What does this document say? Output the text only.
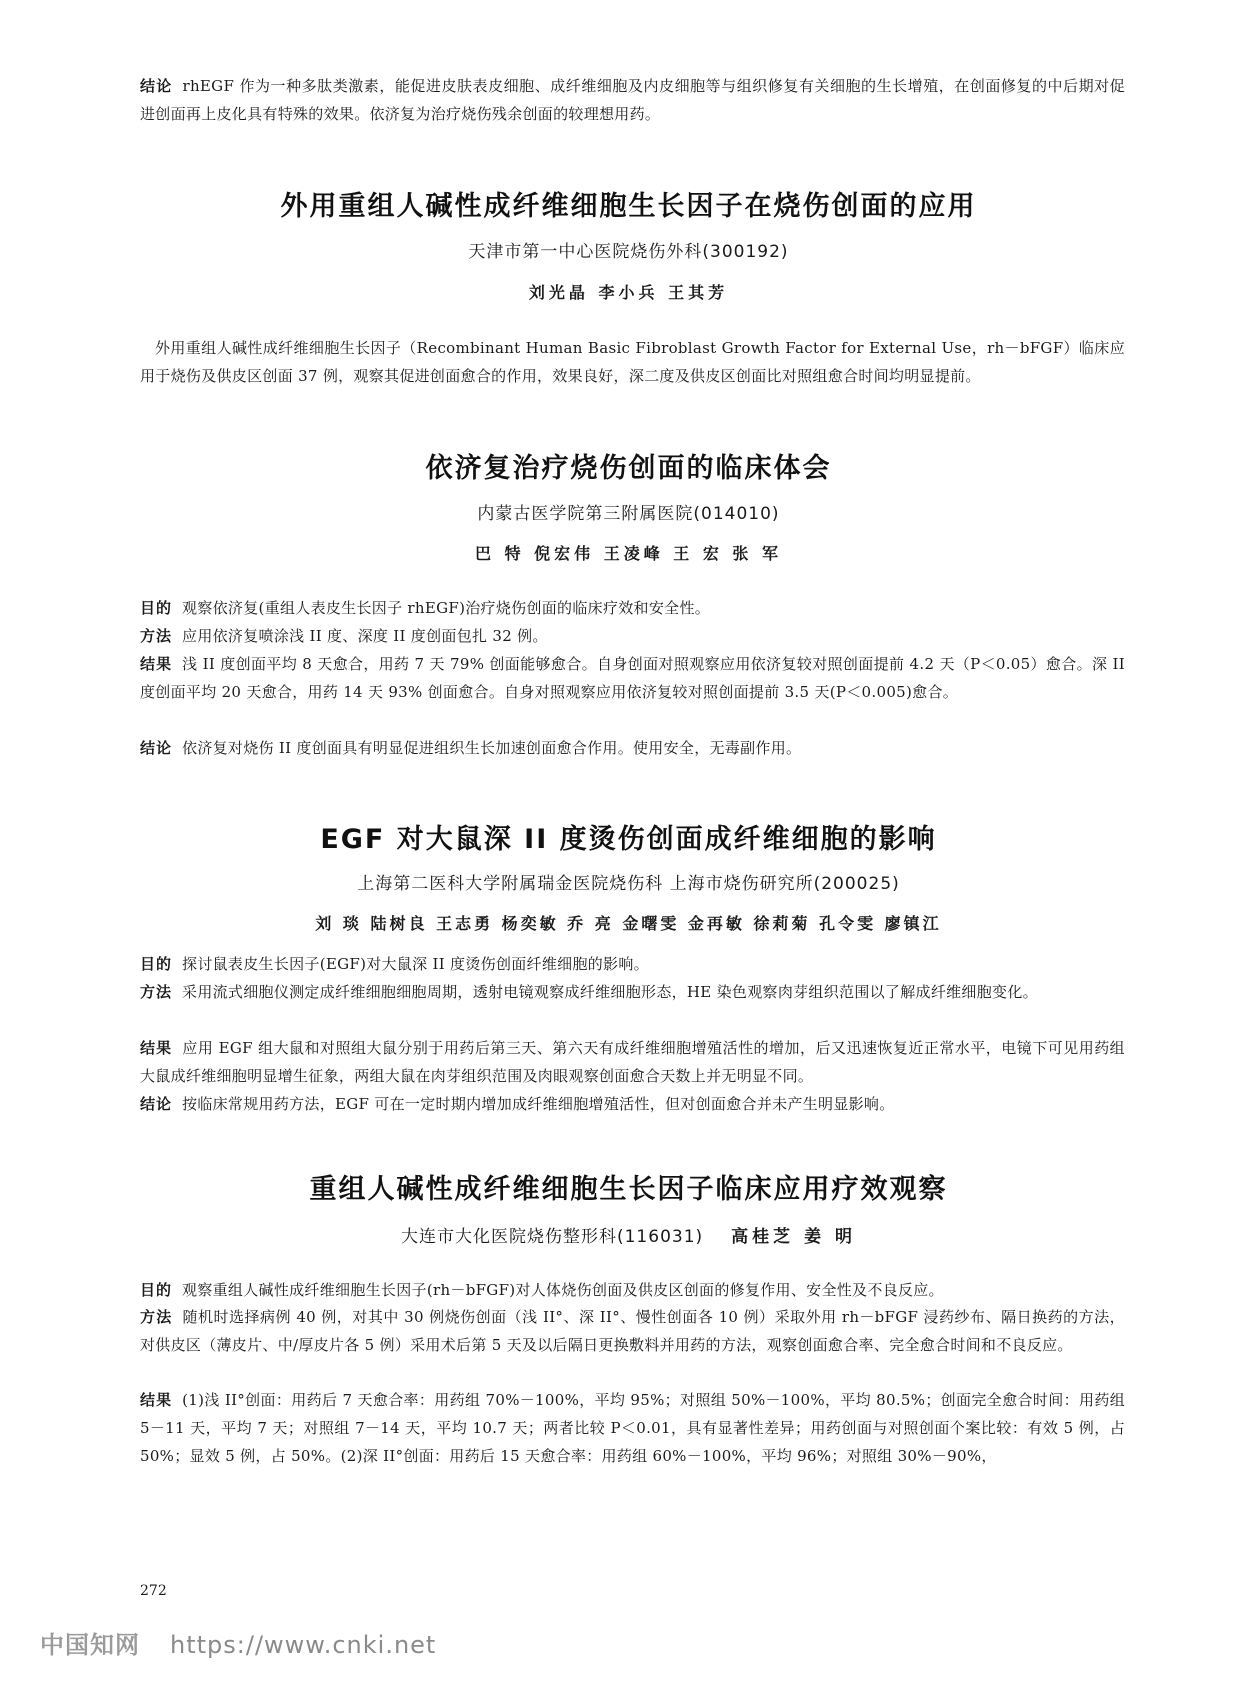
结论 rhEGF 作为一种多肽类激素，能促进皮肤表皮细胞、成纤维细胞及内皮细胞等与组织修复有关细胞的生长增殖，在创面修复的中后期对促进创面再上皮化具有特殊的效果。依济复为治疗烧伤残余创面的较理想用药。

外用重组人碱性成纤维细胞生长因子在烧伤创面的应用

天津市第一中心医院烧伤外科(300192)

刘光晶 李小兵 王其芳

外用重组人碱性成纤维细胞生长因子（Recombinant Human Basic Fibroblast Growth Factor for External Use，rh－bFGF）临床应用于烧伤及供皮区创面 37 例，观察其促进创面愈合的作用，效果良好，深二度及供皮区创面比对照组愈合时间均明显提前。

依济复治疗烧伤创面的临床体会

内蒙古医学院第三附属医院(014010)

巴 特 倪宏伟 王凌峰 王 宏 张 军

目的 观察依济复(重组人表皮生长因子 rhEGF)治疗烧伤创面的临床疗效和安全性。

方法 应用依济复喷涂浅 II 度、深度 II 度创面包扎 32 例。

结果 浅 II 度创面平均 8 天愈合，用药 7 天 79% 创面能够愈合。自身创面对照观察应用依济复较对照创面提前 4.2 天（P＜0.05）愈合。深 II 度创面平均 20 天愈合，用药 14 天 93% 创面愈合。自身对照观察应用依济复较对照创面提前 3.5 天(P＜0.005)愈合。

结论 依济复对烧伤 II 度创面具有明显促进组织生长加速创面愈合作用。使用安全，无毒副作用。

EGF 对大鼠深 II 度烫伤创面成纤维细胞的影响

上海第二医科大学附属瑞金医院烧伤科 上海市烧伤研究所(200025)

刘 琰 陆树良 王志勇 杨奕敏 乔 亮 金曙雯 金再敏 徐莉菊 孔令雯 廖镇江

目的 探讨鼠表皮生长因子(EGF)对大鼠深 II 度烫伤创面纤维细胞的影响。

方法 采用流式细胞仪测定成纤维细胞细胞周期，透射电镜观察成纤维细胞形态，HE 染色观察肉芽组织范围以了解成纤维细胞变化。

结果 应用 EGF 组大鼠和对照组大鼠分别于用药后第三天、第六天有成纤维细胞增殖活性的增加，后又迅速恢复近正常水平，电镜下可见用药组大鼠成纤维细胞明显增生征象，两组大鼠在肉芽组织范围及肉眼观察创面愈合天数上并无明显不同。

结论 按临床常规用药方法，EGF 可在一定时期内增加成纤维细胞增殖活性，但对创面愈合并未产生明显影响。

重组人碱性成纤维细胞生长因子临床应用疗效观察

大连市大化医院烧伤整形科(116031) 高桂芝 姜 明

目的 观察重组人碱性成纤维细胞生长因子(rh－bFGF)对人体烧伤创面及供皮区创面的修复作用、安全性及不良反应。

方法 随机时选择病例 40 例，对其中 30 例烧伤创面（浅 II°、深 II°、慢性创面各 10 例）采取外用 rh－bFGF 浸药纱布、隔日换药的方法，对供皮区（薄皮片、中/厚皮片各 5 例）采用术后第 5 天及以后隔日更换敷料并用药的方法，观察创面愈合率、完全愈合时间和不良反应。

结果 (1)浅 II°创面：用药后 7 天愈合率：用药组 70%－100%，平均 95%；对照组 50%－100%，平均 80.5%；创面完全愈合时间：用药组 5－11 天，平均 7 天；对照组 7－14 天，平均 10.7 天；两者比较 P＜0.01，具有显著性差异；用药创面与对照创面个案比较：有效 5 例，占 50%；显效 5 例，占 50%。(2)深 II°创面：用药后 15 天愈合率：用药组 60%－100%，平均 96%；对照组 30%－90%，

272

中国知网 https://www.cnki.net
